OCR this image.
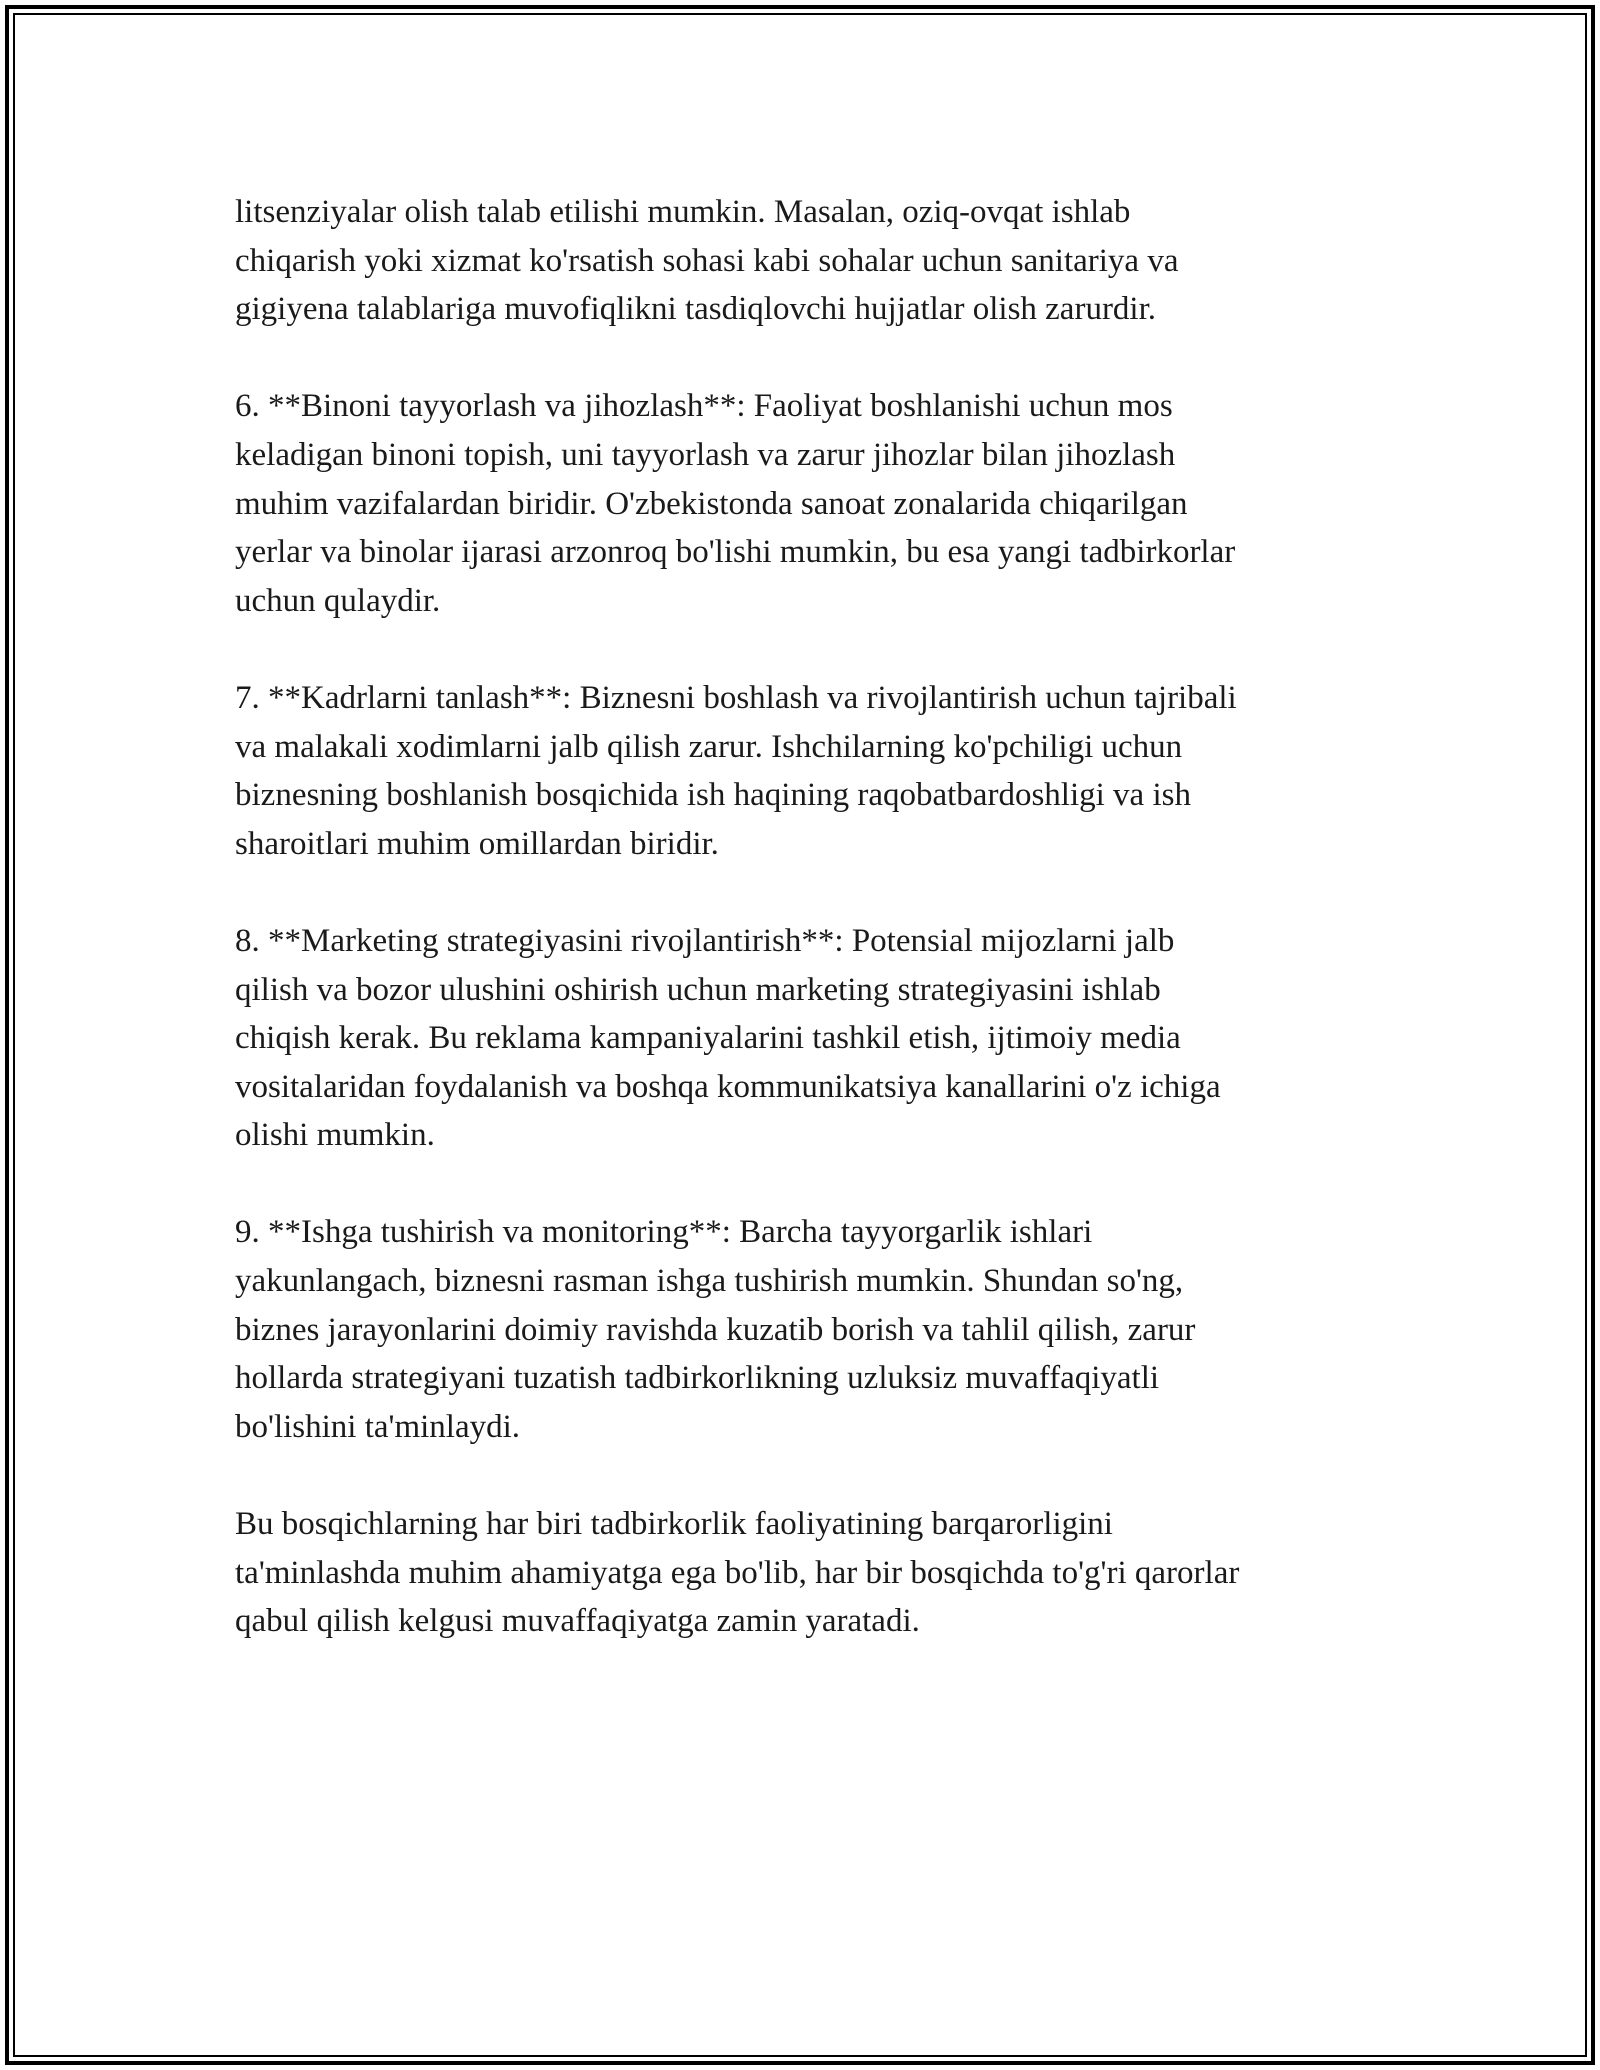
litsenziyalar olish talab etilishi mumkin. Masalan, oziq-ovqat ishlab
chiqarish yoki xizmat ko'rsatish sohasi kabi sohalar uchun sanitariya va
gigiyena talablariga muvofiqlikni tasdiqlovchi hujjatlar olish zarurdir.

6. **Binoni tayyorlash va jihozlash**: Faoliyat boshlanishi uchun mos
keladigan binoni topish, uni tayyorlash va zarur jihozlar bilan jihozlash
muhim vazifalardan biridir. O'zbekistonda sanoat zonalarida chiqarilgan
yerlar va binolar ijarasi arzonroq bo'lishi mumkin, bu esa yangi tadbirkorlar
uchun qulaydir.

7. **Kadrlarni tanlash**: Biznesni boshlash va rivojlantirish uchun tajribali
va malakali xodimlarni jalb qilish zarur. Ishchilarning ko'pchiligi uchun
biznesning boshlanish bosqichida ish haqining raqobatbardoshligi va ish
sharoitlari muhim omillardan biridir.

8. **Marketing strategiyasini rivojlantirish**: Potensial mijozlarni jalb
qilish va bozor ulushini oshirish uchun marketing strategiyasini ishlab
chiqish kerak. Bu reklama kampaniyalarini tashkil etish, ijtimoiy media
vositalaridan foydalanish va boshqa kommunikatsiya kanallarini o'z ichiga
olishi mumkin.

9. **Ishga tushirish va monitoring**: Barcha tayyorgarlik ishlari
yakunlangach, biznesni rasman ishga tushirish mumkin. Shundan so'ng,
biznes jarayonlarini doimiy ravishda kuzatib borish va tahlil qilish, zarur
hollarda strategiyani tuzatish tadbirkorlikning uzluksiz muvaffaqiyatli
bo'lishini ta'minlaydi.

Bu bosqichlarning har biri tadbirkorlik faoliyatining barqarorligini
ta'minlashda muhim ahamiyatga ega bo'lib, har bir bosqichda to'g'ri qarorlar
qabul qilish kelgusi muvaffaqiyatga zamin yaratadi.
